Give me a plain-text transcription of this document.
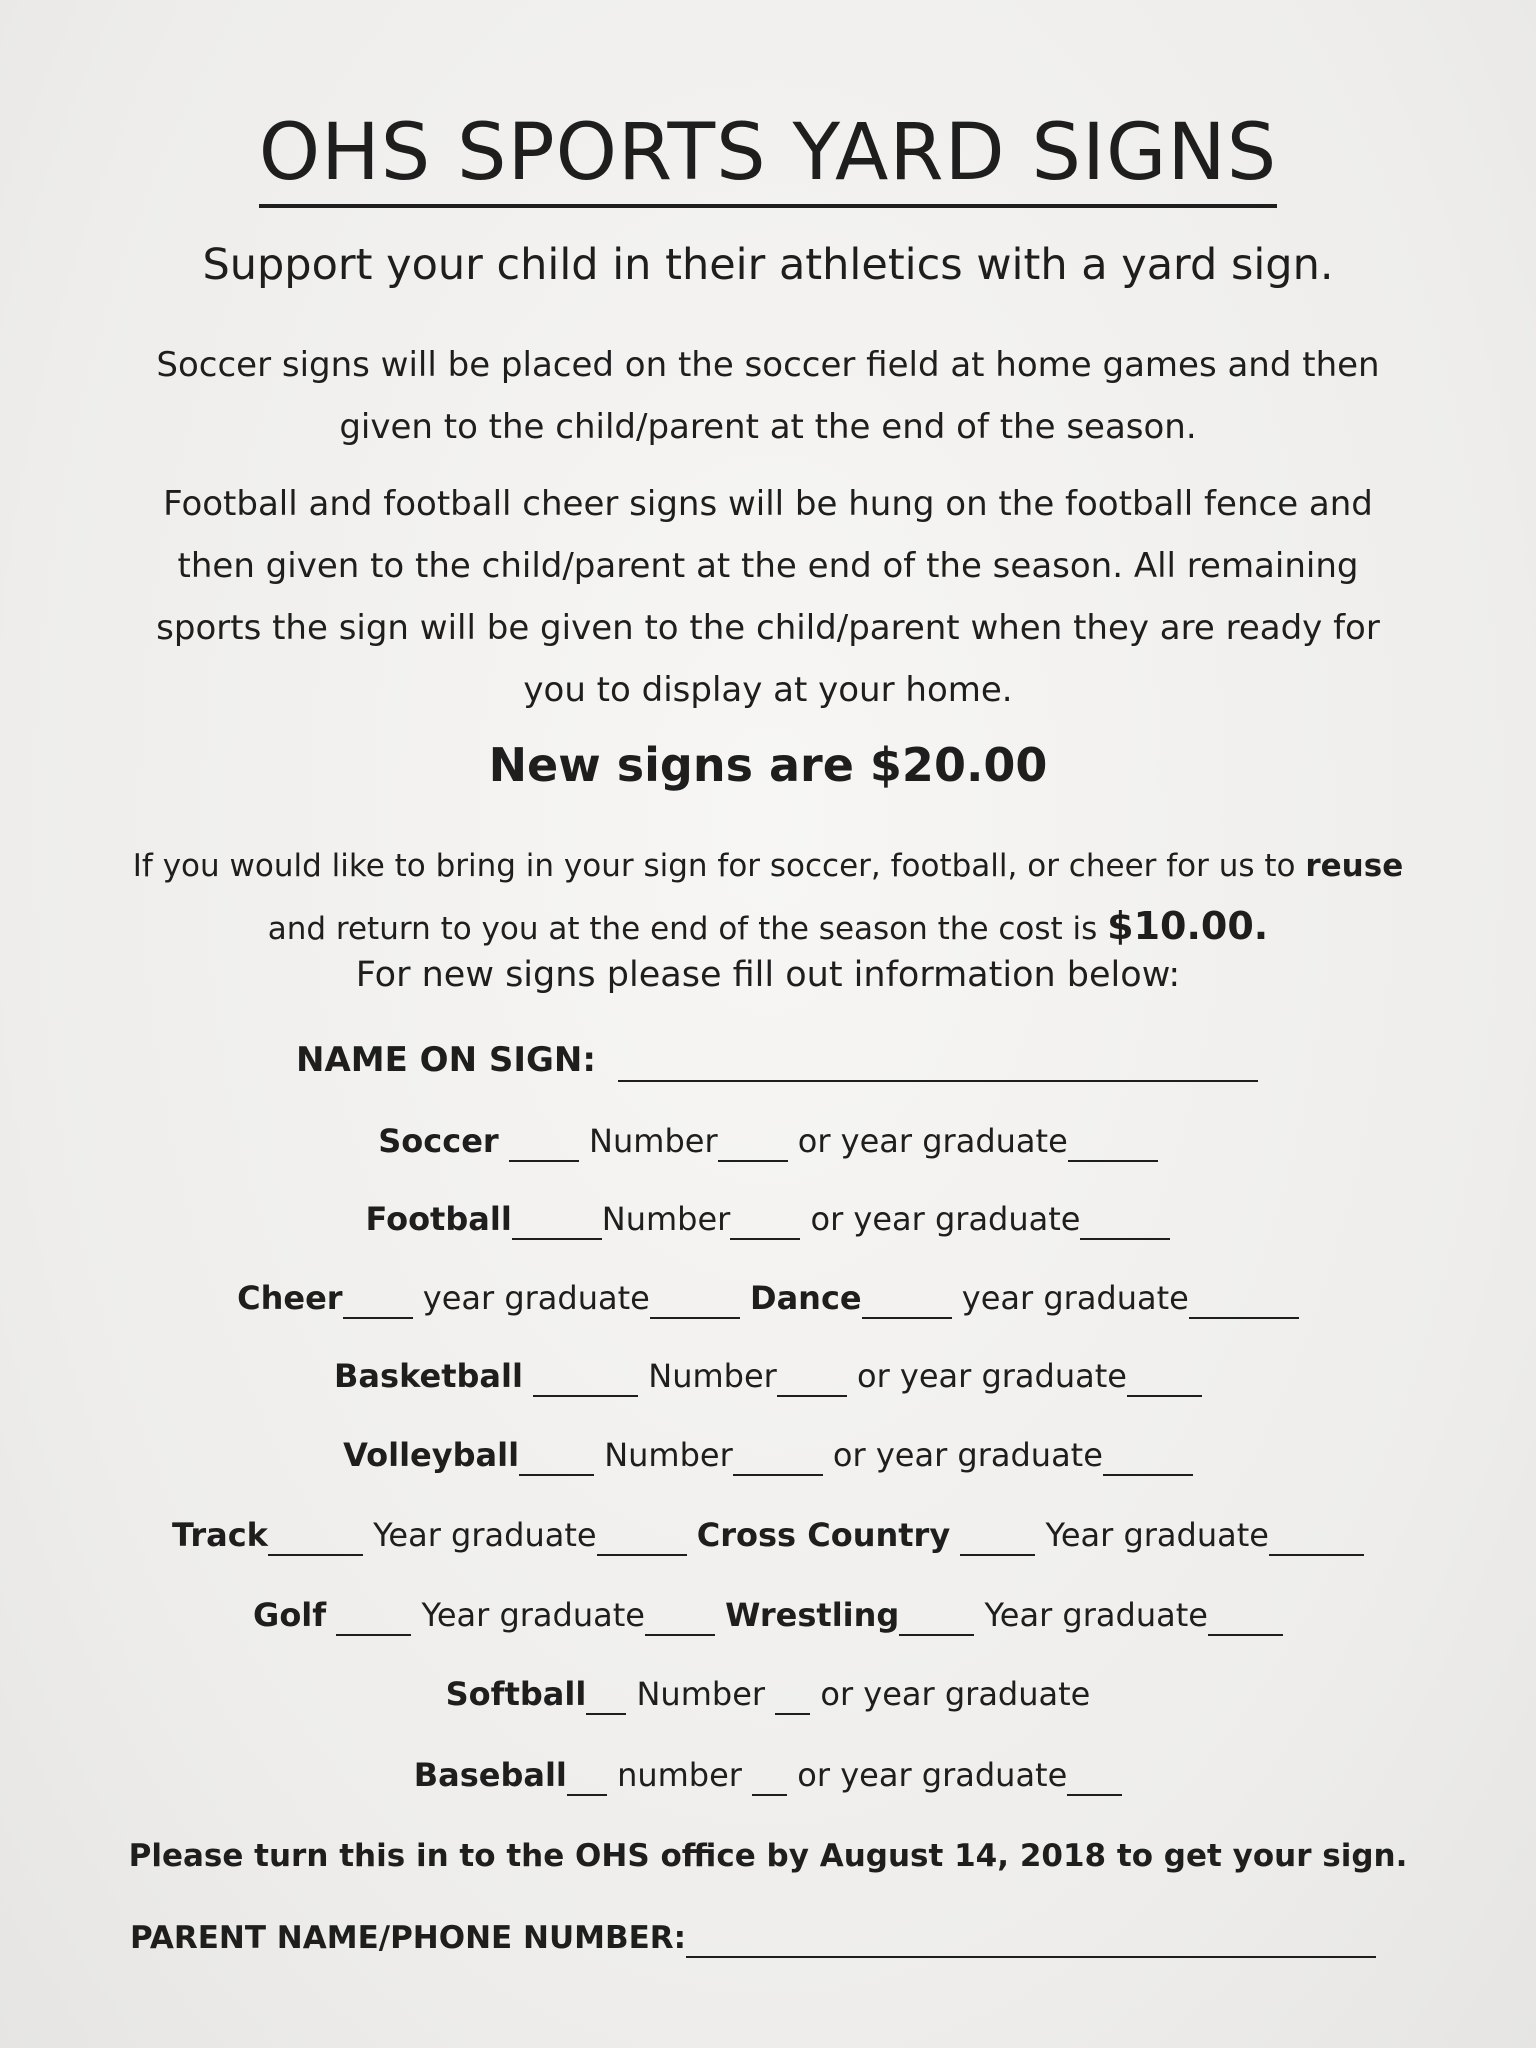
OHS SPORTS YARD SIGNS
Support your child in their athletics with a yard sign.
Soccer signs will be placed on the soccer field at home games and then
given to the child/parent at the end of the season.
Football and football cheer signs will be hung on the football fence and
then given to the child/parent at the end of the season. All remaining
sports the sign will be given to the child/parent when they are ready for
you to display at your home.
New signs are $20.00
If you would like to bring in your sign for soccer, football, or cheer for us to reuse
and return to you at the end of the season the cost is $10.00.
For new signs please fill out information below:
NAME ON SIGN:
Soccer	Number	or year graduate
Football	Number	or year graduate
Cheer	year graduate	Dance	year graduate
Basketball	Number	or year graduate
Volleyball	Number	or year graduate
Track	Year graduate	Cross Country	Year graduate
Golf	Year graduate	Wrestling	Year graduate
Softball Number or year graduate
Baseball number or year graduate
Please turn this in to the OHS office by August 14, 2018 to get your sign.
PARENT NAME/PHONE NUMBER:
